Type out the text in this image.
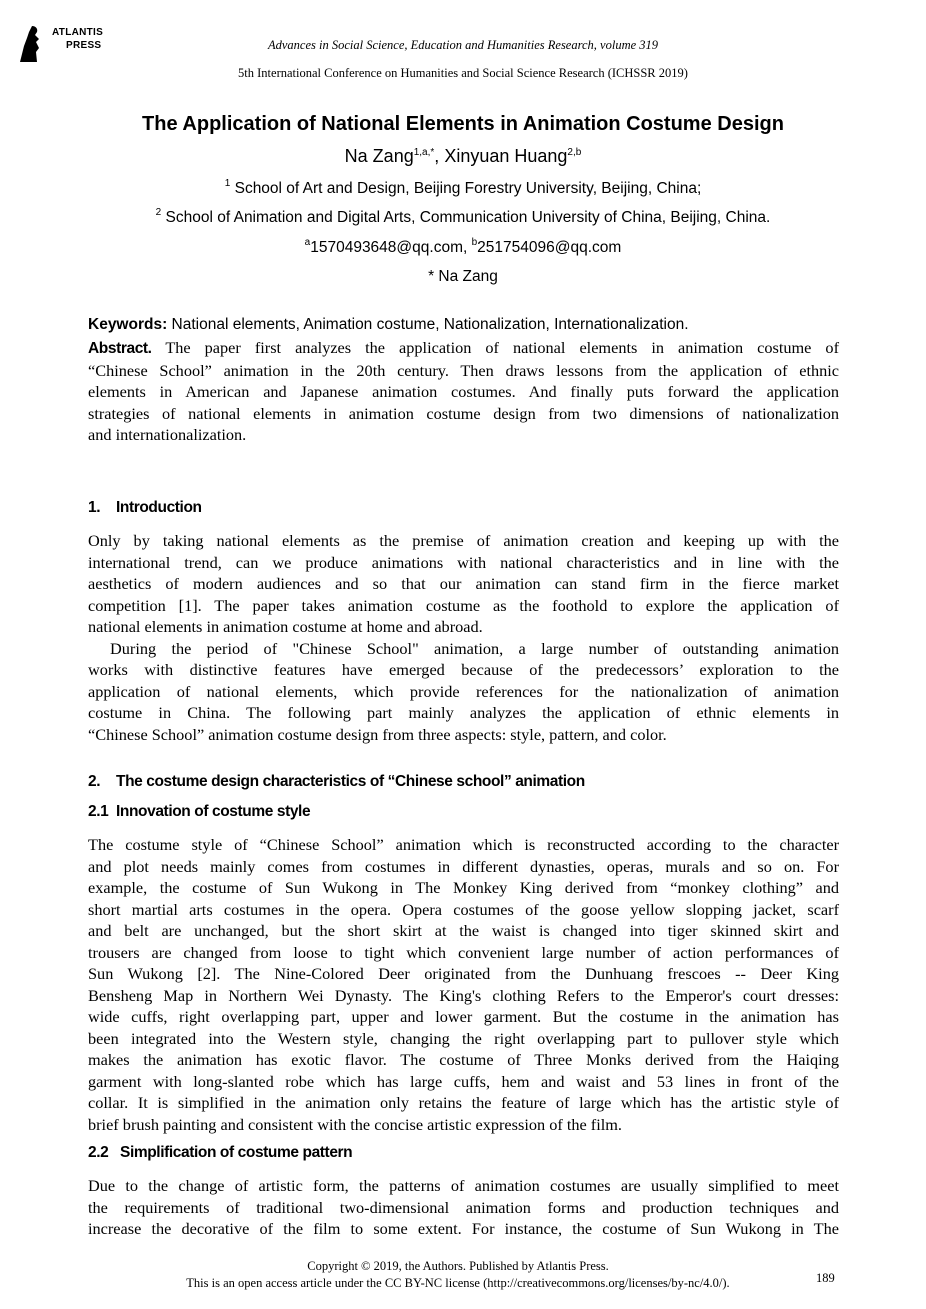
ATLANTIS
PRESS	Advances in Social Science, Education and Humanities Research, volume 319
5th International Conference on Humanities and Social Science Research (ICHSSR 2019)
The Application of National Elements in Animation Costume Design
Na Zang$^{1,a,*}$, Xinyuan Huang$^{2,b}$
$^1$ School of Art and Design, Beijing Forestry University, Beijing, China;
$^2$ School of Animation and Digital Arts, Communication University of China, Beijing, China.
$^a$1570493648@qq.com, $^b$251754096@qq.com
* Na Zang
Keywords: National elements, Animation costume, Nationalization, Internationalization.
Abstract. The paper first analyzes the application of national elements in animation costume of
“Chinese School” animation in the 20th century. Then draws lessons from the application of ethnic
elements in American and Japanese animation costumes. And finally puts forward the application
strategies of national elements in animation costume design from two dimensions of nationalization
and internationalization.
1. Introduction
Only by taking national elements as the premise of animation creation and keeping up with the
international trend, can we produce animations with national characteristics and in line with the
aesthetics of modern audiences and so that our animation can stand firm in the fierce market
competition [1]. The paper takes animation costume as the foothold to explore the application of
national elements in animation costume at home and abroad.
During the period of "Chinese School" animation, a large number of outstanding animation
works with distinctive features have emerged because of the predecessors’ exploration to the
application of national elements, which provide references for the nationalization of animation
costume in China. The following part mainly analyzes the application of ethnic elements in
“Chinese School” animation costume design from three aspects: style, pattern, and color.
2. The costume design characteristics of “Chinese school” animation
2.1 Innovation of costume style
The costume style of “Chinese School” animation which is reconstructed according to the character
and plot needs mainly comes from costumes in different dynasties, operas, murals and so on. For
example, the costume of Sun Wukong in The Monkey King derived from “monkey clothing” and
short martial arts costumes in the opera. Opera costumes of the goose yellow slopping jacket, scarf
and belt are unchanged, but the short skirt at the waist is changed into tiger skinned skirt and
trousers are changed from loose to tight which convenient large number of action performances of
Sun Wukong [2]. The Nine-Colored Deer originated from the Dunhuang frescoes -- Deer King
Bensheng Map in Northern Wei Dynasty. The King's clothing Refers to the Emperor's court dresses:
wide cuffs, right overlapping part, upper and lower garment. But the costume in the animation has
been integrated into the Western style, changing the right overlapping part to pullover style which
makes the animation has exotic flavor. The costume of Three Monks derived from the Haiqing
garment with long-slanted robe which has large cuffs, hem and waist and 53 lines in front of the
collar. It is simplified in the animation only retains the feature of large which has the artistic style of
brief brush painting and consistent with the concise artistic expression of the film.
2.2 Simplification of costume pattern
Due to the change of artistic form, the patterns of animation costumes are usually simplified to meet
the requirements of traditional two-dimensional animation forms and production techniques and
increase the decorative of the film to some extent. For instance, the costume of Sun Wukong in The
Copyright © 2019, the Authors. Published by Atlantis Press.
This is an open access article under the CC BY-NC license (http://creativecommons.org/licenses/by-nc/4.0/).	189
